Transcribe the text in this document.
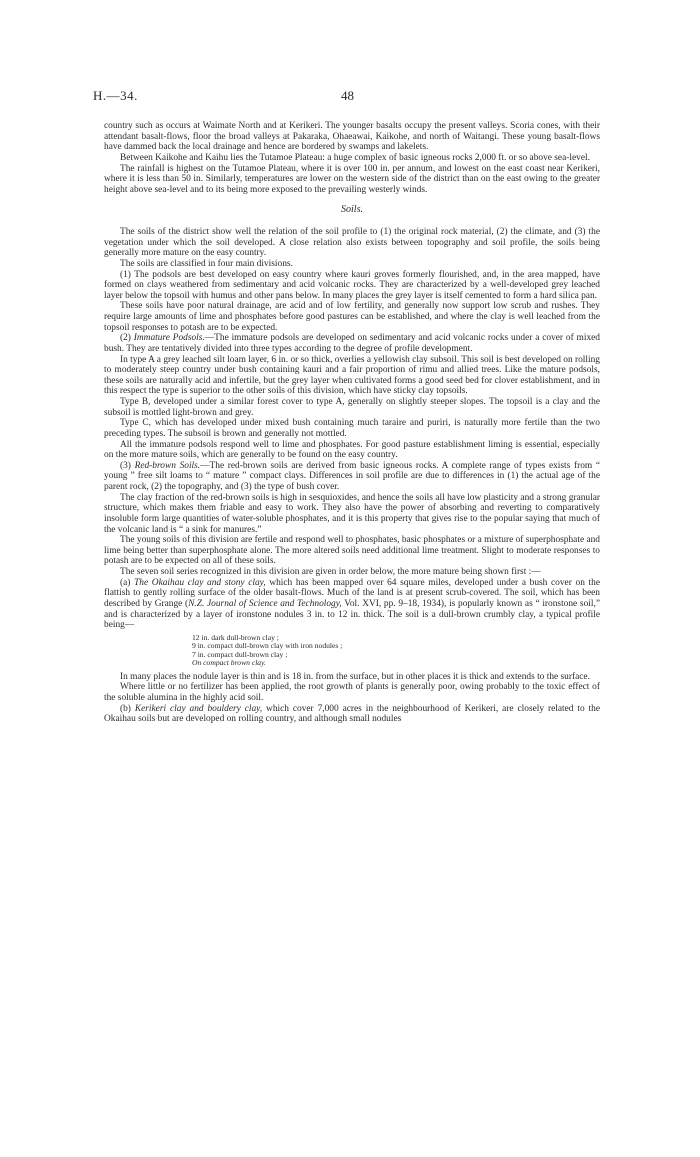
H.—34.	48

country such as occurs at Waimate North and at Kerikeri. The younger basalts occupy the present valleys. Scoria cones, with their attendant basalt-flows, floor the broad valleys at Pakaraka, Ohaeawai, Kaikohe, and north of Waitangi. These young basalt-flows have dammed back the local drainage and hence are bordered by swamps and lakelets.

Between Kaikohe and Kaihu lies the Tutamoe Plateau: a huge complex of basic igneous rocks 2,000 ft. or so above sea-level.

The rainfall is highest on the Tutamoe Plateau, where it is over 100 in. per annum, and lowest on the east coast near Kerikeri, where it is less than 50 in. Similarly, temperatures are lower on the western side of the district than on the east owing to the greater height above sea-level and to its being more exposed to the prevailing westerly winds.

Soils.

The soils of the district show well the relation of the soil profile to (1) the original rock material, (2) the climate, and (3) the vegetation under which the soil developed. A close relation also exists between topography and soil profile, the soils being generally more mature on the easy country.

The soils are classified in four main divisions.

(1) The podsols are best developed on easy country where kauri groves formerly flourished, and, in the area mapped, have formed on clays weathered from sedimentary and acid volcanic rocks. They are characterized by a well-developed grey leached layer below the topsoil with humus and other pans below. In many places the grey layer is itself cemented to form a hard silica pan.

These soils have poor natural drainage, are acid and of low fertility, and generally now support low scrub and rushes. They require large amounts of lime and phosphates before good pastures can be established, and where the clay is well leached from the topsoil responses to potash are to be expected.

(2) Immature Podsols.—The immature podsols are developed on sedimentary and acid volcanic rocks under a cover of mixed bush. They are tentatively divided into three types according to the degree of profile development.

In type A a grey leached silt loam layer, 6 in. or so thick, overlies a yellowish clay subsoil. This soil is best developed on rolling to moderately steep country under bush containing kauri and a fair proportion of rimu and allied trees. Like the mature podsols, these soils are naturally acid and infertile, but the grey layer when cultivated forms a good seed bed for clover establishment, and in this respect the type is superior to the other soils of this division, which have sticky clay topsoils.

Type B, developed under a similar forest cover to type A, generally on slightly steeper slopes. The topsoil is a clay and the subsoil is mottled light-brown and grey.

Type C, which has developed under mixed bush containing much taraire and puriri, is naturally more fertile than the two preceding types. The subsoil is brown and generally not mottled.

All the immature podsols respond well to lime and phosphates. For good pasture establishment liming is essential, especially on the more mature soils, which are generally to be found on the easy country.

(3) Red-brown Soils.—The red-brown soils are derived from basic igneous rocks. A complete range of types exists from “ young ” free silt loams to “ mature ” compact clays. Differences in soil profile are due to differences in (1) the actual age of the parent rock, (2) the topography, and (3) the type of bush cover.

The clay fraction of the red-brown soils is high in sesquioxides, and hence the soils all have low plasticity and a strong granular structure, which makes them friable and easy to work. They also have the power of absorbing and reverting to comparatively insoluble form large quantities of water-soluble phosphates, and it is this property that gives rise to the popular saying that much of the volcanic land is “ a sink for manures.”

The young soils of this division are fertile and respond well to phosphates, basic phosphates or a mixture of superphosphate and lime being better than superphosphate alone. The more altered soils need additional lime treatment. Slight to moderate responses to potash are to be expected on all of these soils.

The seven soil series recognized in this division are given in order below, the more mature being shown first :—

(a) The Okaihau clay and stony clay, which has been mapped over 64 square miles, developed under a bush cover on the flattish to gently rolling surface of the older basalt-flows. Much of the land is at present scrub-covered. The soil, which has been described by Grange (N.Z. Journal of Science and Technology, Vol. XVI, pp. 9–18, 1934), is popularly known as “ ironstone soil,” and is characterized by a layer of ironstone nodules 3 in. to 12 in. thick. The soil is a dull-brown crumbly clay, a typical profile being—

12 in. dark dull-brown clay ;
9 in. compact dull-brown clay with iron nodules ;
7 in. compact dull-brown clay ;
On compact brown clay.

In many places the nodule layer is thin and is 18 in. from the surface, but in other places it is thick and extends to the surface.

Where little or no fertilizer has been applied, the root growth of plants is generally poor, owing probably to the toxic effect of the soluble alumina in the highly acid soil.

(b) Kerikeri clay and bouldery clay, which cover 7,000 acres in the neighbourhood of Kerikeri, are closely related to the Okaihau soils but are developed on rolling country, and although small nodules
